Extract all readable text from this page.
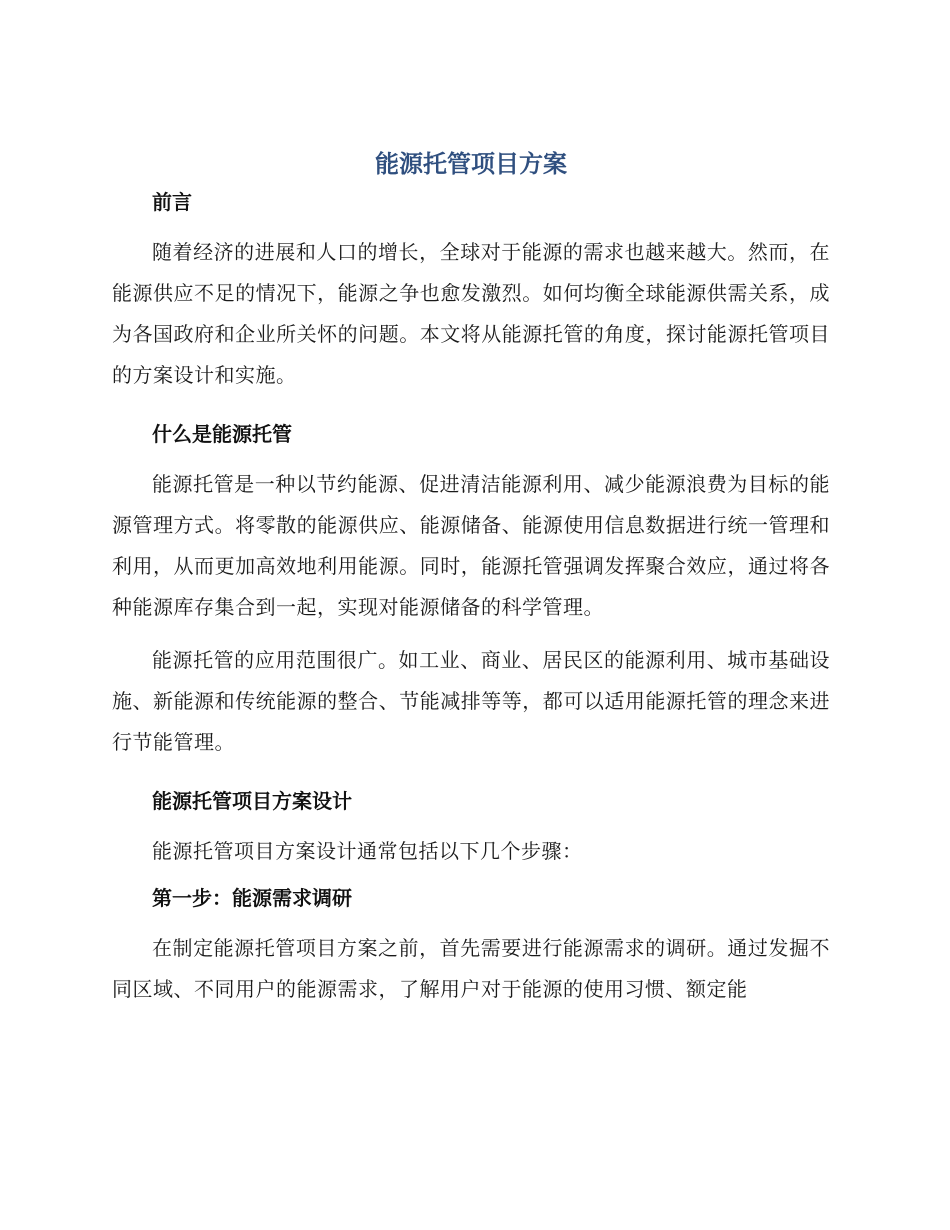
能源托管项目方案
前言

随着经济的进展和人口的增长，全球对于能源的需求也越来越大。然而，在能源供应不足的情况下，能源之争也愈发激烈。如何均衡全球能源供需关系，成为各国政府和企业所关怀的问题。本文将从能源托管的角度，探讨能源托管项目的方案设计和实施。

什么是能源托管

能源托管是一种以节约能源、促进清洁能源利用、减少能源浪费为目标的能源管理方式。将零散的能源供应、能源储备、能源使用信息数据进行统一管理和利用，从而更加高效地利用能源。同时，能源托管强调发挥聚合效应，通过将各种能源库存集合到一起，实现对能源储备的科学管理。

能源托管的应用范围很广。如工业、商业、居民区的能源利用、城市基础设施、新能源和传统能源的整合、节能减排等等，都可以适用能源托管的理念来进行节能管理。

能源托管项目方案设计

能源托管项目方案设计通常包括以下几个步骤：

第一步：能源需求调研

在制定能源托管项目方案之前，首先需要进行能源需求的调研。通过发掘不同区域、不同用户的能源需求，了解用户对于能源的使用习惯、额定能
